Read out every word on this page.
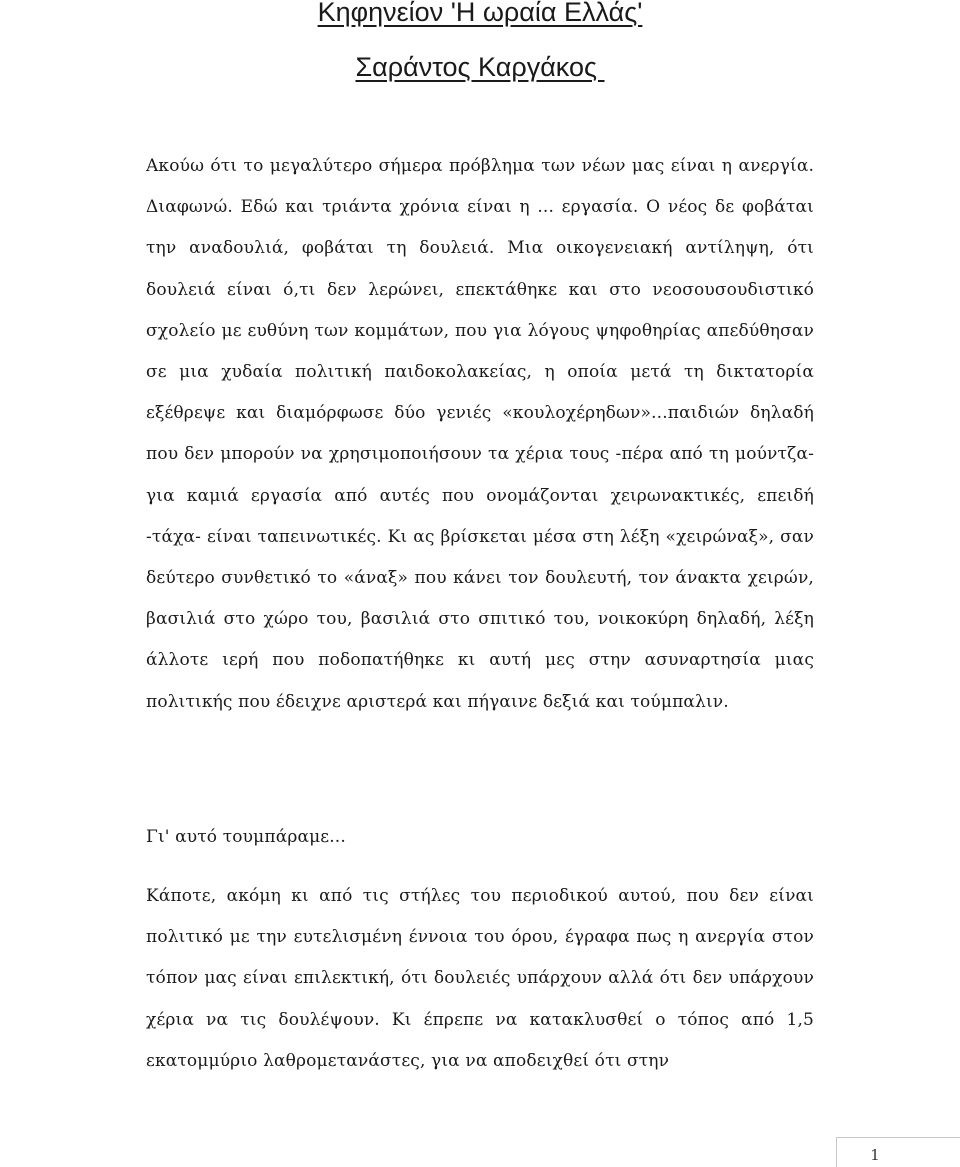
Κηφηνείον 'Η ωραία Ελλάς'
Σαράντος Καργάκος

Ακούω ότι το μεγαλύτερο σήμερα πρόβλημα των νέων μας είναι η ανεργία. Διαφωνώ. Εδώ και τριάντα χρόνια είναι η ... εργασία. Ο νέος δε φοβάται την αναδουλιά, φοβάται τη δουλειά. Μια οικογενειακή αντίληψη, ότι δουλειά είναι ό,τι δεν λερώνει, επεκτάθηκε και στο νεοσουσουδιστικό σχολείο με ευθύνη των κομμάτων, που για λόγους ψηφοθηρίας απεδύθησαν σε μια χυδαία πολιτική παιδοκολακείας, η οποία μετά τη δικτατορία εξέθρεψε και διαμόρφωσε δύο γενιές «κουλοχέρηδων»...παιδιών δηλαδή που δεν μπορούν να χρησιμοποιήσουν τα χέρια τους -πέρα από τη μούντζα- για καμιά εργασία από αυτές που ονομάζονται χειρωνακτικές, επειδή -τάχα- είναι ταπεινωτικές. Κι ας βρίσκεται μέσα στη λέξη «χειρώναξ», σαν δεύτερο συνθετικό το «άναξ» που κάνει τον δουλευτή, τον άνακτα χειρών, βασιλιά στο χώρο του, βασιλιά στο σπιτικό του, νοικοκύρη δηλαδή, λέξη άλλοτε ιερή που ποδοπατήθηκε κι αυτή μες στην ασυναρτησία μιας πολιτικής που έδειχνε αριστερά και πήγαινε δεξιά και τούμπαλιν.

Γι' αυτό τουμπάραμε...

Κάποτε, ακόμη κι από τις στήλες του περιοδικού αυτού, που δεν είναι πολιτικό με την ευτελισμένη έννοια του όρου, έγραφα πως η ανεργία στον τόπον μας είναι επιλεκτική, ότι δουλειές υπάρχουν αλλά ότι δεν υπάρχουν χέρια να τις δουλέψουν. Κι έπρεπε να κατακλυσθεί ο τόπος από 1,5 εκατομμύριο λαθρομετανάστες, για να αποδειχθεί ότι στην

1
